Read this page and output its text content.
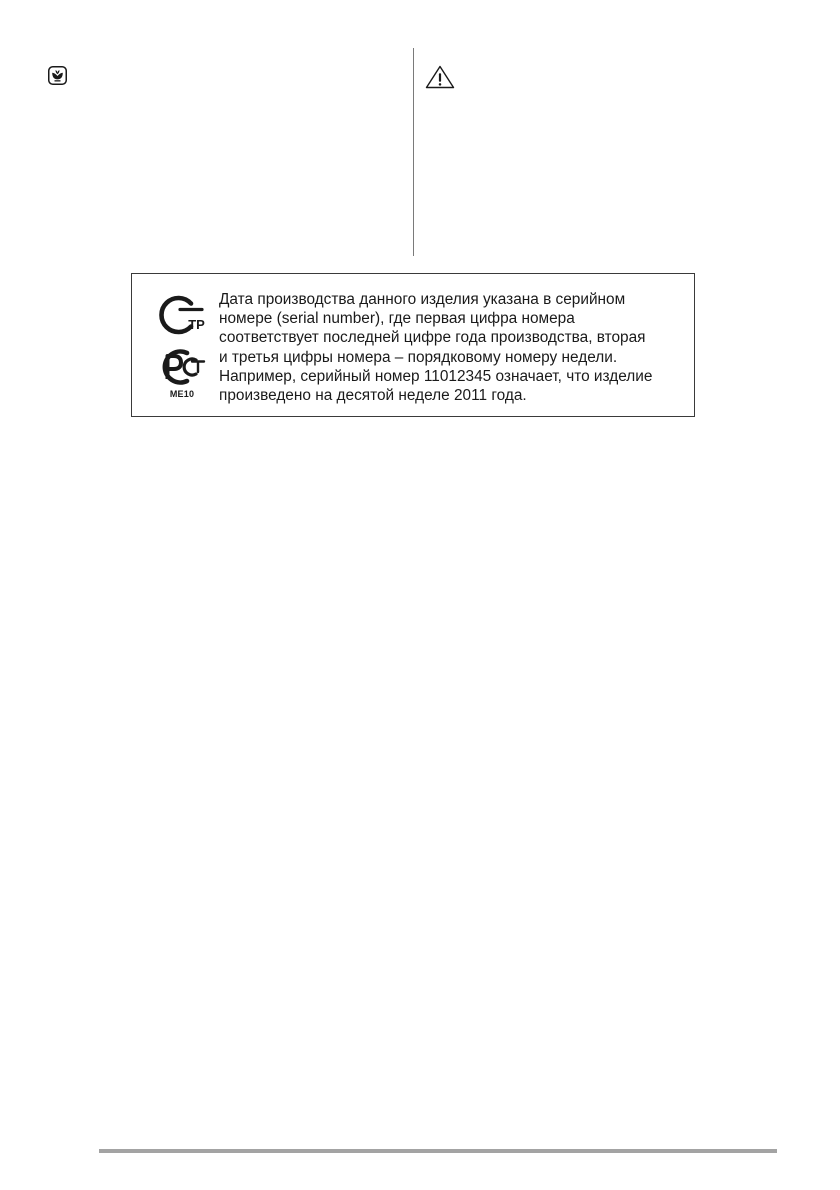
TP
ME10
Дата производства данного изделия указана в серийном
номере (serial number), где первая цифра номера
соответствует последней цифре года производства, вторая
и третья цифры номера – порядковому номеру недели.
Например, серийный номер 11012345 означает, что изделие
произведено на десятой неделе 2011 года.
